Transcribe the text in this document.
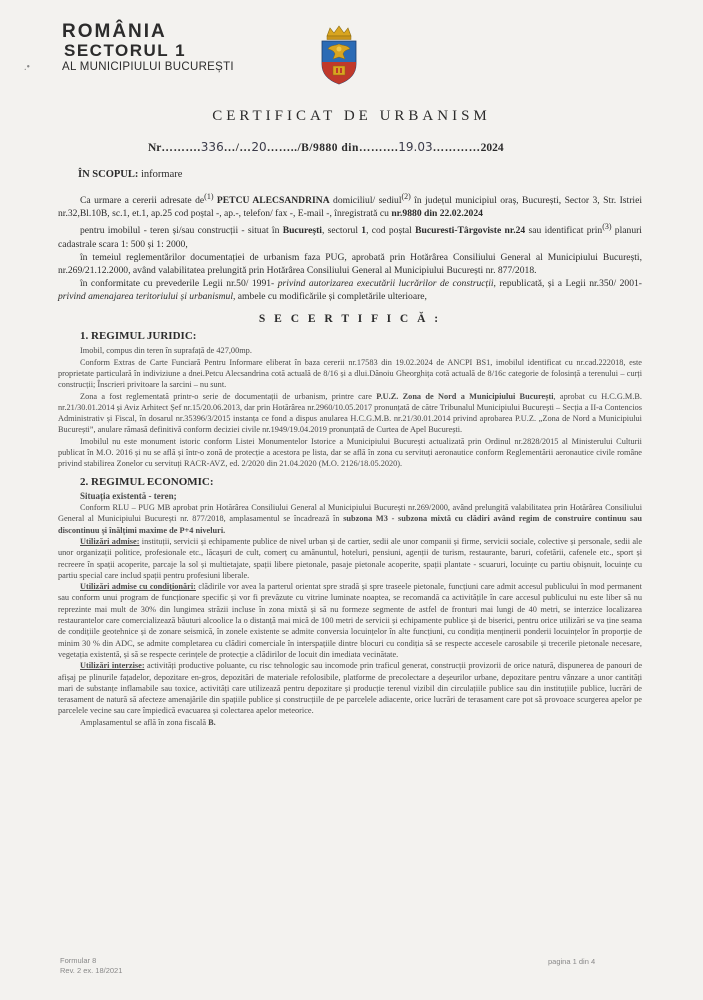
.•
ROMÂNIA
SECTORUL 1
AL MUNICIPIULUI BUCUREȘTI
CERTIFICAT DE URBANISM
Nr……….336…/…20……../B/9880 din……….19.03…………2024

ÎN SCOPUL: informare

Ca urmare a cererii adresate $de^{(1)}$ PETCU ALECSANDRINA domiciliul/ sediul$^{(2)}$ în județul municipiul oraș, București, Sector 3, Str. Istriei nr.32,Bl.10B, sc.1, et.1, ap.25 cod poștal -, ap.-, telefon/ fax -, E-mail -, înregistrată cu nr.9880 din 22.02.2024

pentru imobilul - teren și/sau construcții - situat în București, sectorul 1, cod poștal Bucuresti-Târgoviste nr.24 sau identificat prin$^{(3)}$ planuri cadastrale scara 1: 500 și 1: 2000,

în temeiul reglementărilor documentației de urbanism faza PUG, aprobată prin Hotărârea Consiliului General al Municipiului București, nr.269/21.12.2000, având valabilitatea prelungită prin Hotărârea Consiliului General al Municipiului București nr. 877/2018.

în conformitate cu prevederile Legii nr.50/ 1991- privind autorizarea executării lucrărilor de construcții, republicată, și a Legii nr.350/ 2001- privind amenajarea teritoriului și urbanismul, ambele cu modificările și completările ulterioare,

S E C E R T I F I C Ă :

1. REGIMUL JURIDIC:

Imobil, compus din teren în suprafață de 427,00mp.

Conform Extras de Carte Funciară Pentru Informare eliberat în baza cererii nr.17583 din 19.02.2024 de ANCPI BS1, imobilul identificat cu nr.cad.222018, este proprietate particulară în indiviziune a dnei.Petcu Alecsandrina cotă actuală de 8/16 și a dlui.Dănoiu Gheorghița cotă actuală de 8/16c categorie de folosință a terenului – curți construcții; Înscrieri privitoare la sarcini – nu sunt.

Zona a fost reglementată printr-o serie de documentații de urbanism, printre care P.U.Z. Zona de Nord a Municipiului București, aprobat cu H.C.G.M.B. nr.21/30.01.2014 și Aviz Arhitect Șef nr.15/20.06.2013, dar prin Hotărârea nr.2960/10.05.2017 pronunțată de către Tribunalul Municipiului București – Secția a II-a Contencios Administrativ și Fiscal, în dosarul nr.35396/3/2015 instanța ce fond a dispus anularea H.C.G.M.B. nr.21/30.01.2014 privind aprobarea P.U.Z. „Zona de Nord a Municipiului București”, anulare rămasă definitivă conform deciziei civile nr.1949/19.04.2019 pronunțată de Curtea de Apel București.

Imobilul nu este monument istoric conform Listei Monumentelor Istorice a Municipiului București actualizată prin Ordinul nr.2828/2015 al Ministerului Culturii publicat în M.O. 2016 și nu se află și într-o zonă de protecție a acestora pe lista, dar se află în zona cu servituți aeronautice conform Reglementării aeronautice civile române privind stabilirea Zonelor cu servituți RACR-AVZ, ed. 2/2020 din 21.04.2020 (M.O. 2126/18.05.2020).

2. REGIMUL ECONOMIC:

Situația existentă - teren;

Conform RLU – PUG MB aprobat prin Hotărârea Consiliului General al Municipiului București nr.269/2000, având prelungită valabilitatea prin Hotărârea Consiliului General al Municipiului București nr. 877/2018, amplasamentul se încadrează în subzona M3 - subzona mixtă cu clădiri având regim de construire continuu sau discontinuu și înălțimi maxime de P+4 niveluri.

Utilizări admise: instituții, servicii și echipamente publice de nivel urban și de cartier, sedii ale unor companii și firme, servicii sociale, colective și personale, sedii ale unor organizații politice, profesionale etc., lăcașuri de cult, comerț cu amănuntul, hoteluri, pensiuni, agenții de turism, restaurante, baruri, cofetării, cafenele etc., sport și recreere în spații acoperite, parcaje la sol și multietajate, spații libere pietonale, pasaje pietonale acoperite, spații plantate - scuaruri, locuințe cu partiu obișnuit, locuințe cu partiu special care includ spații pentru profesiuni liberale.

Utilizări admise cu condiționări: clădirile vor avea la parterul orientat spre stradă și spre traseele pietonale, funcțiuni care admit accesul publicului în mod permanent sau conform unui program de funcționare specific și vor fi prevăzute cu vitrine luminate noaptea, se recomandă ca activitățile în care accesul publicului nu este liber să nu reprezinte mai mult de 30% din lungimea străzii incluse în zona mixtă și să nu formeze segmente de astfel de fronturi mai lungi de 40 metri, se interzice localizarea restaurantelor care comercializează băuturi alcoolice la o distanță mai mică de 100 metri de servicii și echipamente publice și de biserici, pentru orice utilizări se va ține seama de condițiile geotehnice și de zonare seismică, în zonele existente se admite conversia locuințelor în alte funcțiuni, cu condiția menținerii ponderii locuințelor în proporție de minim 30 % din ADC, se admite completarea cu clădiri comerciale în interspațiile dintre blocuri cu condiția să se respecte accesele carosabile și trecerile pietonale necesare, vegetația existentă, și să se respecte cerințele de protecție a clădirilor de locuit din imediata vecinătate.

Utilizări interzise: activități productive poluante, cu risc tehnologic sau incomode prin traficul generat, construcții provizorii de orice natură, dispunerea de panouri de afișaj pe plinurile fațadelor, depozitare en-gros, depozitări de materiale refolosibile, platforme de precolectare a deșeurilor urbane, depozitare pentru vânzare a unor cantități mari de substanțe inflamabile sau toxice, activități care utilizează pentru depozitare și producție terenul vizibil din circulațiile publice sau din instituțiile publice, lucrări de terasament de natură să afecteze amenajările din spațiile publice și construcțiile de pe parcelele adiacente, orice lucrări de terasament care pot să provoace scurgerea apelor pe parcelele vecine sau care împiedică evacuarea și colectarea apelor meteorice.

Amplasamentul se află în zona fiscală B.

Formular 8
Rev. 2 ex. 18/2021
pagina 1 din 4
